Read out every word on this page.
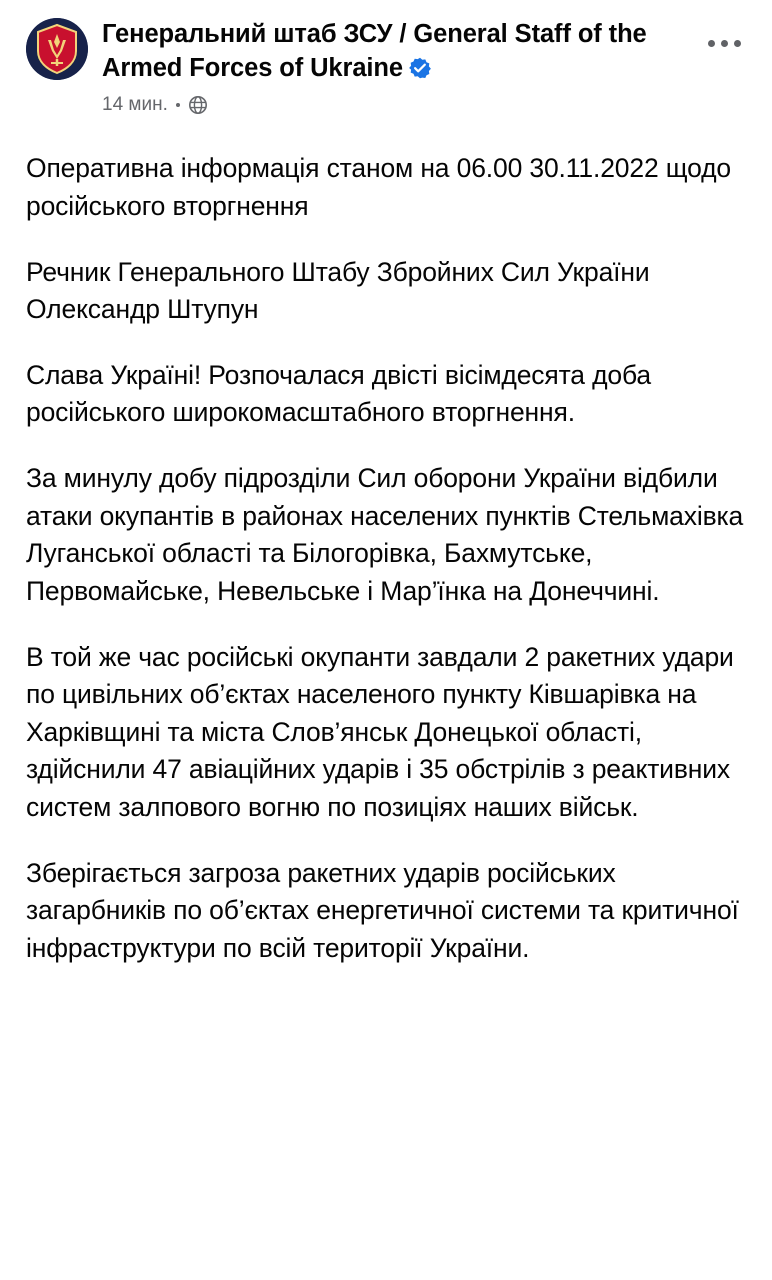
Генеральний штаб ЗСУ / General Staff of the Armed Forces of Ukraine
14 мин.

Оперативна інформація станом на 06.00 30.11.2022 щодо російського вторгнення

Речник Генерального Штабу Збройних Сил України Олександр Штупун

Слава Україні! Розпочалася двісті вісімдесята доба російського широкомасштабного вторгнення.

За минулу добу підрозділи Сил оборони України відбили атаки окупантів в районах населених пунктів Стельмахівка Луганської області та Білогорівка, Бахмутське, Первомайське, Невельське і Мар’їнка на Донеччині.

В той же час російські окупанти завдали 2 ракетних удари по цивільних об’єктах населеного пункту Ківшарівка на Харківщині та міста Слов’янськ Донецької області, здійснили 47 авіаційних ударів і 35 обстрілів з реактивних систем залпового вогню по позиціях наших військ.

Зберігається загроза ракетних ударів російських загарбників по об’єктах енергетичної системи та критичної інфраструктури по всій території України.
